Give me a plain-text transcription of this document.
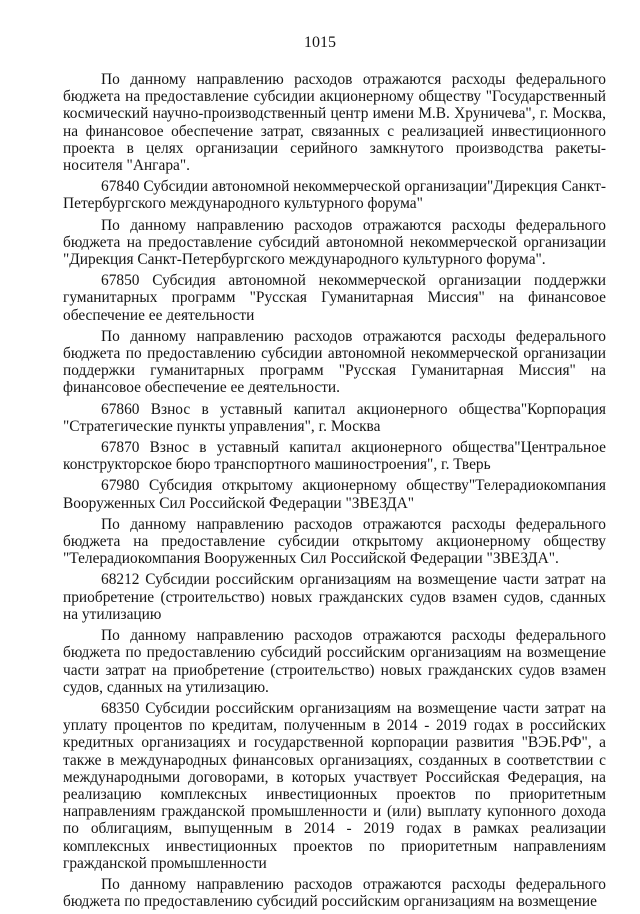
1015

По данному направлению расходов отражаются расходы федерального бюджета на предоставление субсидии акционерному обществу "Государственный космический научно-производственный центр имени М.В. Хруничева", г. Москва, на финансовое обеспечение затрат, связанных с реализацией инвестиционного проекта в целях организации серийного замкнутого производства ракеты-носителя "Ангара".

67840 Субсидии автономной некоммерческой организации"Дирекция Санкт-Петербургского международного культурного форума"

По данному направлению расходов отражаются расходы федерального бюджета на предоставление субсидий автономной некоммерческой организации "Дирекция Санкт-Петербургского международного культурного форума".

67850 Субсидия автономной некоммерческой организации поддержки гуманитарных программ "Русская Гуманитарная Миссия" на финансовое обеспечение ее деятельности

По данному направлению расходов отражаются расходы федерального бюджета по предоставлению субсидии автономной некоммерческой организации поддержки гуманитарных программ "Русская Гуманитарная Миссия" на финансовое обеспечение ее деятельности.

67860 Взнос в уставный капитал акционерного общества"Корпорация "Стратегические пункты управления", г. Москва

67870 Взнос в уставный капитал акционерного общества"Центральное конструкторское бюро транспортного машиностроения", г. Тверь

67980 Субсидия открытому акционерному обществу"Телерадиокомпания Вооруженных Сил Российской Федерации "ЗВЕЗДА"

По данному направлению расходов отражаются расходы федерального бюджета на предоставление субсидии открытому акционерному обществу "Телерадиокомпания Вооруженных Сил Российской Федерации "ЗВЕЗДА".

68212 Субсидии российским организациям на возмещение части затрат на приобретение (строительство) новых гражданских судов взамен судов, сданных на утилизацию

По данному направлению расходов отражаются расходы федерального бюджета по предоставлению субсидий российским организациям на возмещение части затрат на приобретение (строительство) новых гражданских судов взамен судов, сданных на утилизацию.

68350 Субсидии российским организациям на возмещение части затрат на уплату процентов по кредитам, полученным в 2014 - 2019 годах в российских кредитных организациях и государственной корпорации развития "ВЭБ.РФ", а также в международных финансовых организациях, созданных в соответствии с международными договорами, в которых участвует Российская Федерация, на реализацию комплексных инвестиционных проектов по приоритетным направлениям гражданской промышленности и (или) выплату купонного дохода по облигациям, выпущенным в 2014 - 2019 годах в рамках реализации комплексных инвестиционных проектов по приоритетным направлениям гражданской промышленности

По данному направлению расходов отражаются расходы федерального бюджета по предоставлению субсидий российским организациям на возмещение
